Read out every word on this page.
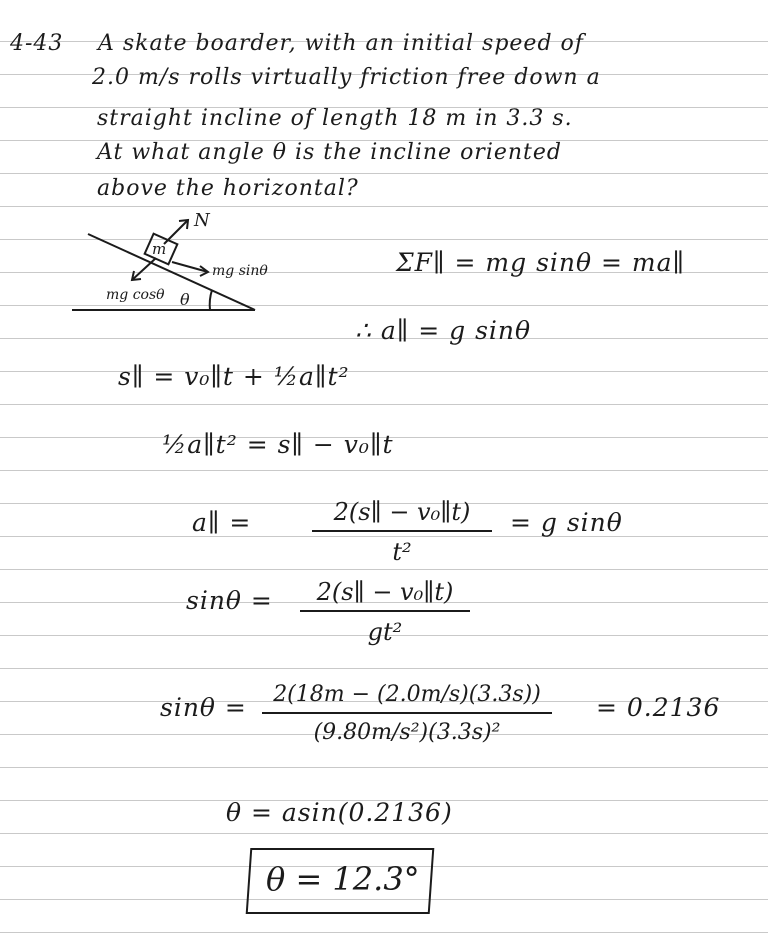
4-43 A skate boarder, with an initial speed of
2.0 m/s rolls virtually friction free down a
straight incline of length 18 m in 3.3 s.
At what angle θ is the incline oriented
above the horizontal?
N
m
mg sinθ
mg cosθ θ
ΣF∥ = mg sinθ = ma∥
∴ a∥ = g sinθ
s∥ = v₀∥t + ½a∥t²
½a∥t² = s∥ − v₀∥t
a∥ =	2(s∥ − v₀∥t)
t²
= g sinθ
sinθ =	2(s∥ − v₀∥t)
gt²
sinθ =	2(18m − (2.0m/s)(3.3s))
(9.80m/s²)(3.3s)²
= 0.2136
θ = asin(0.2136)
θ = 12.3°
